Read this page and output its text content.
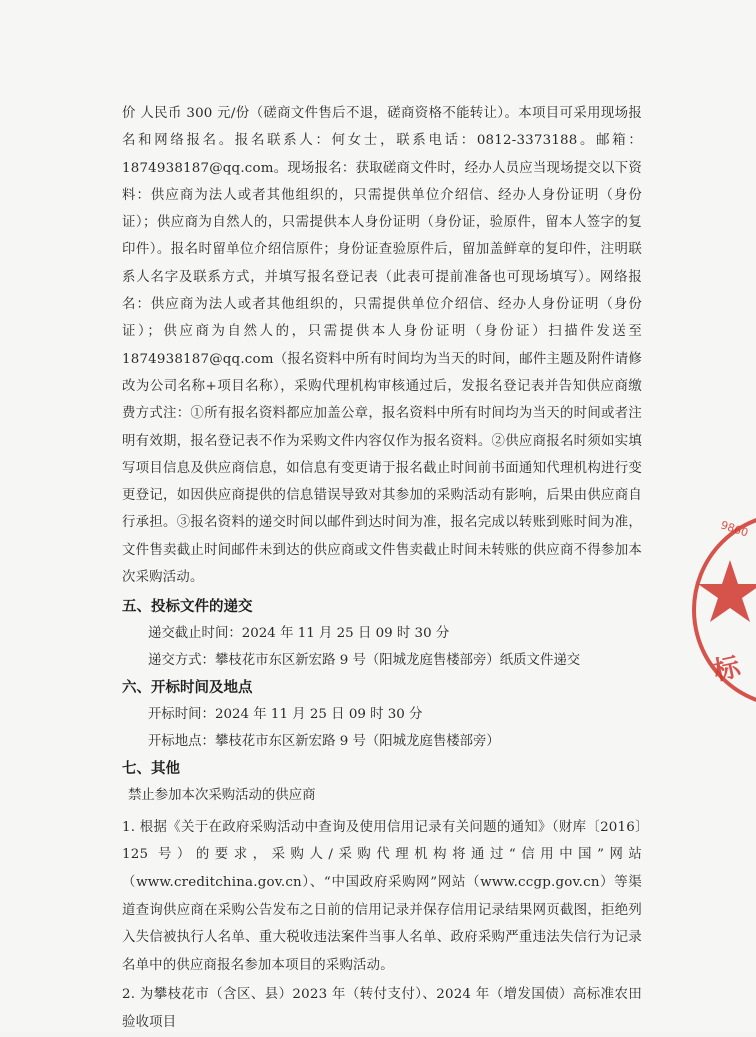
价 人民币 300 元/份（磋商文件售后不退，磋商资格不能转让）。本项目可采用现场报名和网络报名。报名联系人：何女士，联系电话：0812-3373188。邮箱：1874938187@qq.com。现场报名：获取磋商文件时，经办人员应当现场提交以下资料：供应商为法人或者其他组织的，只需提供单位介绍信、经办人身份证明（身份证）；供应商为自然人的，只需提供本人身份证明（身份证，验原件，留本人签字的复印件）。报名时留单位介绍信原件；身份证查验原件后，留加盖鲜章的复印件，注明联系人名字及联系方式，并填写报名登记表（此表可提前准备也可现场填写）。网络报名：供应商为法人或者其他组织的，只需提供单位介绍信、经办人身份证明（身份证）；供应商为自然人的，只需提供本人身份证明（身份证）扫描件发送至 1874938187@qq.com（报名资料中所有时间均为当天的时间，邮件主题及附件请修改为公司名称+项目名称），采购代理机构审核通过后，发报名登记表并告知供应商缴费方式注：①所有报名资料都应加盖公章，报名资料中所有时间均为当天的时间或者注明有效期，报名登记表不作为采购文件内容仅作为报名资料。②供应商报名时须如实填写项目信息及供应商信息，如信息有变更请于报名截止时间前书面通知代理机构进行变更登记，如因供应商提供的信息错误导致对其参加的采购活动有影响，后果由供应商自行承担。③报名资料的递交时间以邮件到达时间为准，报名完成以转账到账时间为准，文件售卖截止时间邮件未到达的供应商或文件售卖截止时间未转账的供应商不得参加本次采购活动。

五、投标文件的递交
递交截止时间：2024 年 11 月 25 日 09 时 30 分
递交方式：攀枝花市东区新宏路 9 号（阳城龙庭售楼部旁）纸质文件递交
六、开标时间及地点
开标时间：2024 年 11 月 25 日 09 时 30 分
开标地点：攀枝花市东区新宏路 9 号（阳城龙庭售楼部旁）
七、其他
禁止参加本次采购活动的供应商

1. 根据《关于在政府采购活动中查询及使用信用记录有关问题的通知》（财库〔2016〕125 号）的要求，采购人/采购代理机构将通过“信用中国”网站（www.creditchina.gov.cn）、“中国政府采购网”网站（www.ccgp.gov.cn）等渠道查询供应商在采购公告发布之日前的信用记录并保存信用记录结果网页截图，拒绝列入失信被执行人名单、重大税收违法案件当事人名单、政府采购严重违法失信行为记录名单中的供应商报名参加本项目的采购活动。

2. 为攀枝花市（含区、县）2023 年（转付支付）、2024 年（增发国债）高标准农田验收项目

9860
标
